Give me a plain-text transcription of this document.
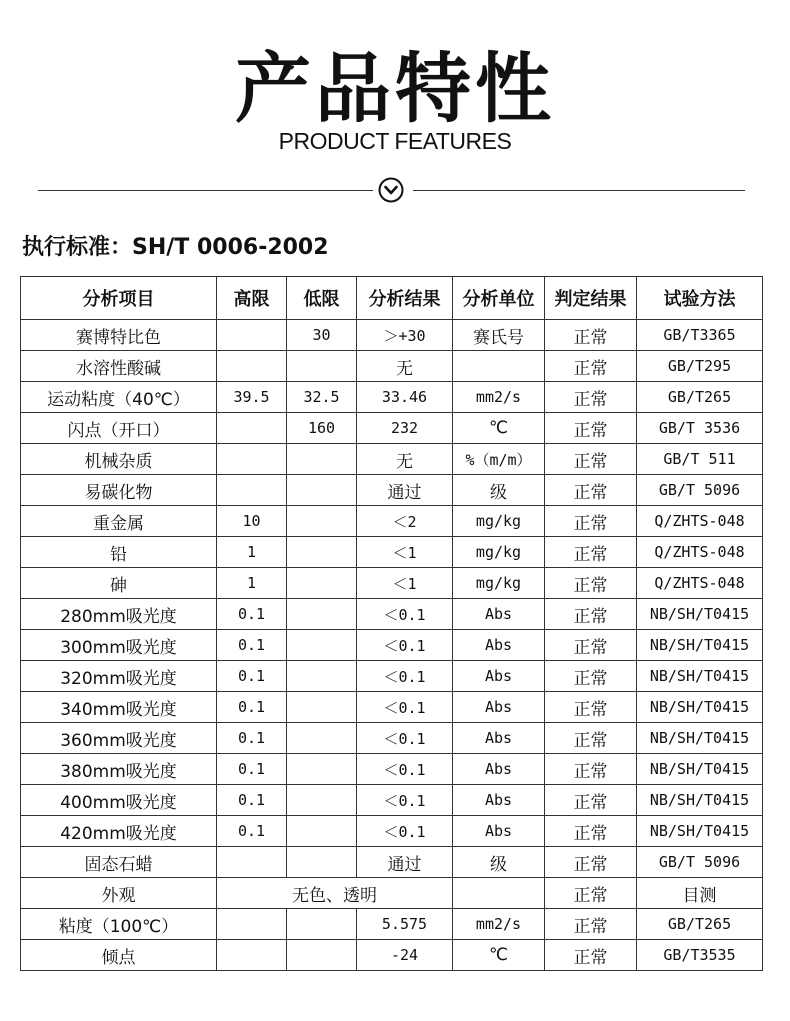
产品特性
PRODUCT FEATURES
执行标准：SH/T 0006-2002
分析项目	高限	低限	分析结果	分析单位	判定结果	试验方法
赛博特比色		30	＞+30	赛氏号	正常	GB/T3365
水溶性酸碱			无		正常	GB/T295
运动粘度（40℃）	39.5	32.5	33.46	mm2/s	正常	GB/T265
闪点（开口）		160	232	℃	正常	GB/T 3536
机械杂质			无	%（m/m）	正常	GB/T 511
易碳化物			通过	级	正常	GB/T 5096
重金属	10		＜2	mg/kg	正常	Q/ZHTS-048
铅	1		＜1	mg/kg	正常	Q/ZHTS-048
砷	1		＜1	mg/kg	正常	Q/ZHTS-048
280mm吸光度	0.1		＜0.1	Abs	正常	NB/SH/T0415
300mm吸光度	0.1		＜0.1	Abs	正常	NB/SH/T0415
320mm吸光度	0.1		＜0.1	Abs	正常	NB/SH/T0415
340mm吸光度	0.1		＜0.1	Abs	正常	NB/SH/T0415
360mm吸光度	0.1		＜0.1	Abs	正常	NB/SH/T0415
380mm吸光度	0.1		＜0.1	Abs	正常	NB/SH/T0415
400mm吸光度	0.1		＜0.1	Abs	正常	NB/SH/T0415
420mm吸光度	0.1		＜0.1	Abs	正常	NB/SH/T0415
固态石蜡			通过	级	正常	GB/T 5096
外观	无色、透明				正常	目测
粘度（100℃）			5.575	mm2/s	正常	GB/T265
倾点			-24	℃	正常	GB/T3535
